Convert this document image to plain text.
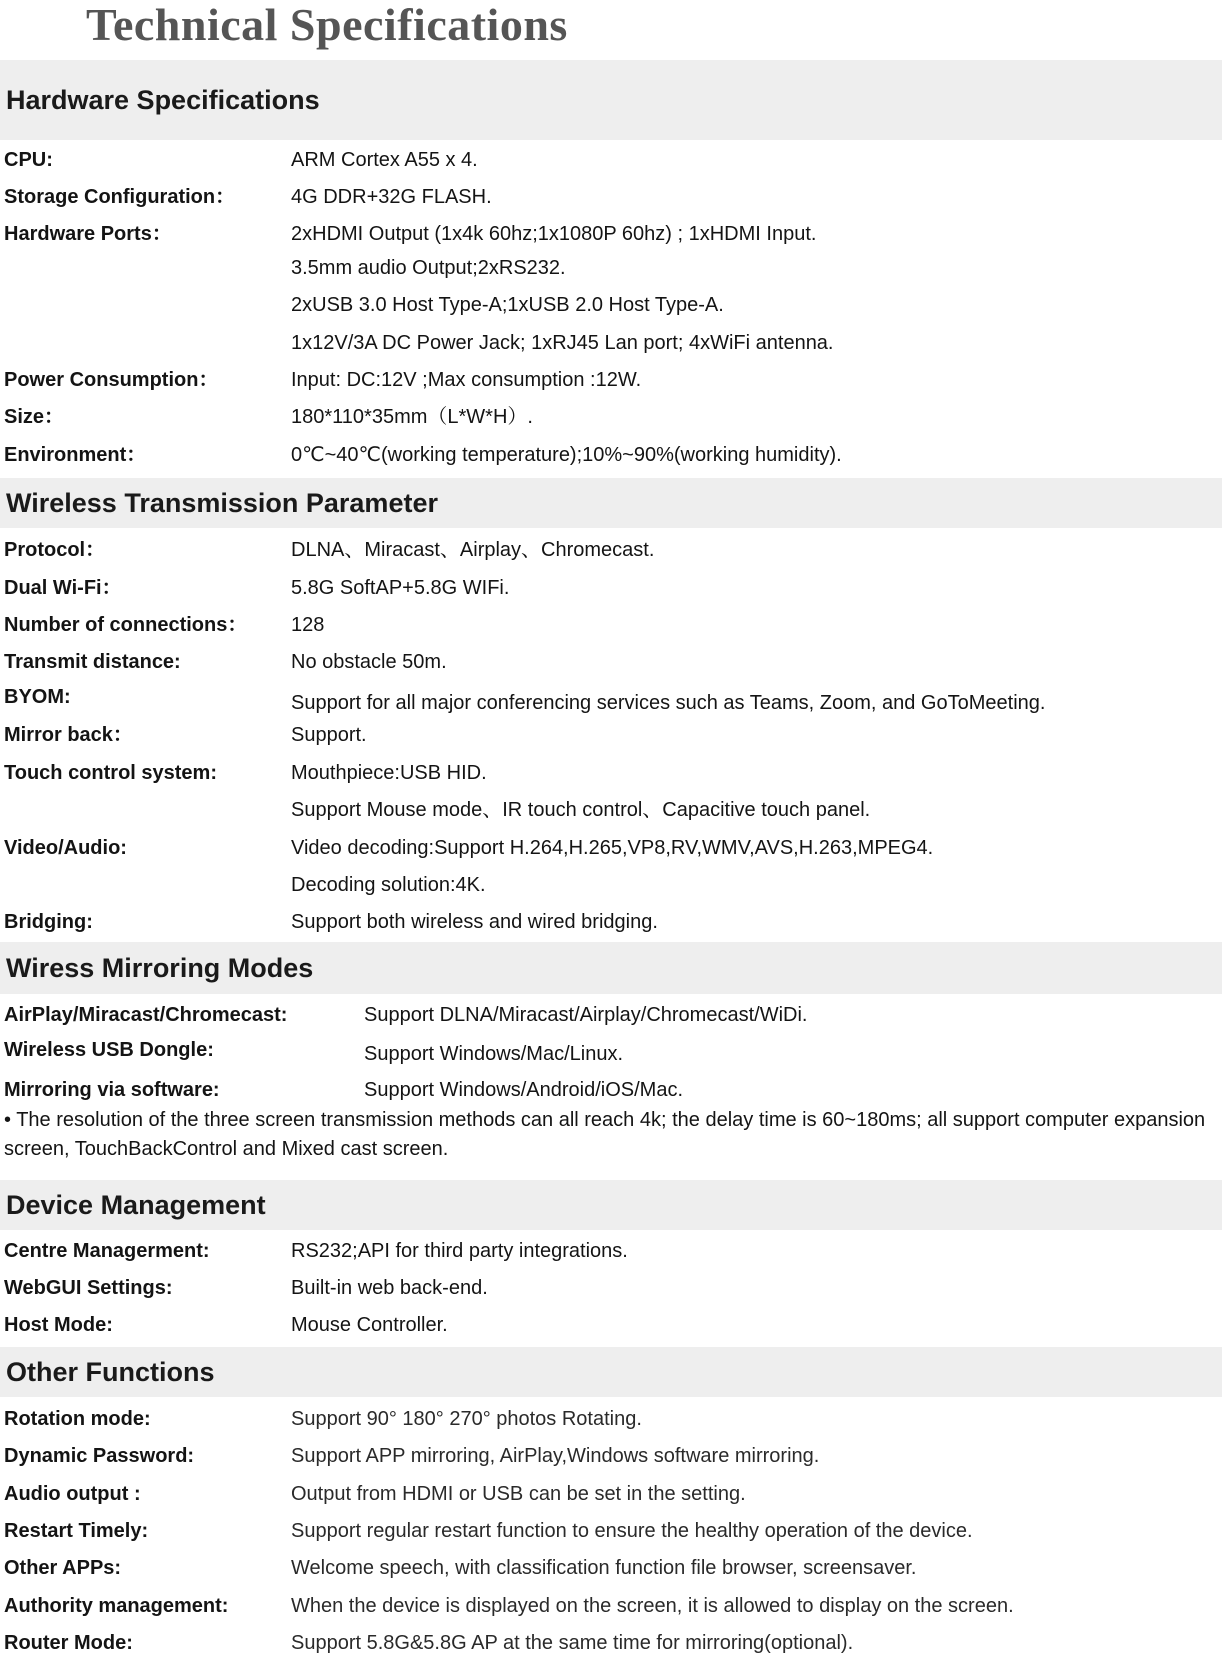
Technical Specifications
Hardware Specifications
CPU:	ARM Cortex A55 x 4.
Storage Configuration：	4G DDR+32G FLASH.
Hardware Ports：	2xHDMI Output (1x4k 60hz;1x1080P 60hz) ; 1xHDMI Input.
3.5mm audio Output;2xRS232.
2xUSB 3.0 Host Type-A;1xUSB 2.0 Host Type-A.
1x12V/3A DC Power Jack; 1xRJ45 Lan port; 4xWiFi antenna.
Power Consumption：	Input: DC:12V ;Max consumption :12W.
Size：	180*110*35mm（L*W*H）.
Environment：	0℃~40℃(working temperature);10%~90%(working humidity).
Wireless Transmission Parameter
Protocol：	DLNA、Miracast、Airplay、Chromecast.
Dual Wi-Fi：	5.8G SoftAP+5.8G WIFi.
Number of connections： 128
Transmit distance:	No obstacle 50m.
BYOM:	Support for all major conferencing services such as Teams, Zoom, and GoToMeeting.
Mirror back：	Support.
Touch control system:	Mouthpiece:USB HID.
Support Mouse mode、IR touch control、Capacitive touch panel.
Video/Audio:	Video decoding:Support H.264,H.265,VP8,RV,WMV,AVS,H.263,MPEG4.
Decoding solution:4K.
Bridging:	Support both wireless and wired bridging.
Wiress Mirroring Modes
AirPlay/Miracast/Chromecast:	Support DLNA/Miracast/Airplay/Chromecast/WiDi.
Wireless USB Dongle:	Support Windows/Mac/Linux.
Mirroring via software:	Support Windows/Android/iOS/Mac.
• The resolution of the three screen transmission methods can all reach 4k; the delay time is 60~180ms; all support computer expansion screen, TouchBackControl and Mixed cast screen.
Device Management
Centre Managerment:	RS232;API for third party integrations.
WebGUI Settings:	Built-in web back-end.
Host Mode:	Mouse Controller.
Other Functions
Rotation mode:	Support 90° 180° 270° photos Rotating.
Dynamic Password:	Support APP mirroring, AirPlay,Windows software mirroring.
Audio output :	Output from HDMI or USB can be set in the setting.
Restart Timely:	Support regular restart function to ensure the healthy operation of the device.
Other APPs:	Welcome speech, with classification function file browser, screensaver.
Authority management:	When the device is displayed on the screen, it is allowed to display on the screen.
Router Mode:	Support 5.8G&5.8G AP at the same time for mirroring(optional).
